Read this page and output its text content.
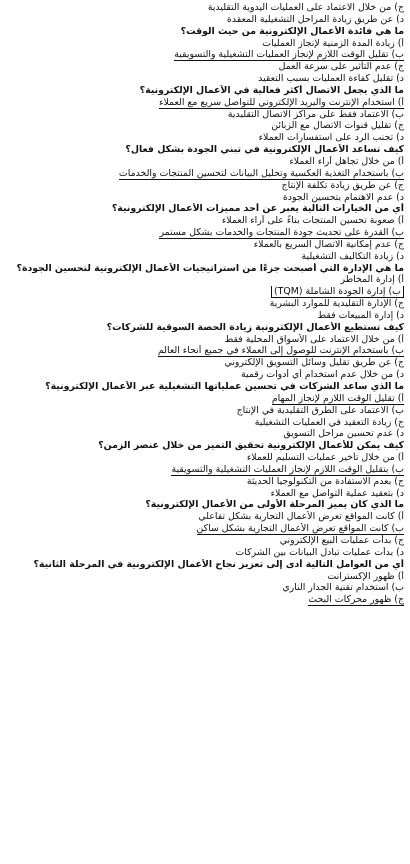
ج) من خلال الاعتماد على العمليات اليدوية التقليدية
د) عن طريق زيادة المراحل التشغيلية المعقدة
ما هي فائدة الأعمال الإلكترونية من حيث الوقت؟
أ) زيادة المدة الزمنية لإنجاز العمليات
ب) تقليل الوقت اللازم لإنجاز العمليات التشغيلية والتسويقية
ج) عدم التأثير على سرعة العمل
د) تقليل كفاءة العمليات بسبب التعقيد
ما الذي يجعل الاتصال أكثر فعالية في الأعمال الإلكترونية؟
أ) استخدام الإنترنت والبريد الإلكتروني للتواصل سريع مع العملاء
ب) الاعتماد فقط على مراكز الاتصال التقليدية
ج) تقليل قنوات الاتصال مع الزبائن
د) تجنب الرد على استفسارات العملاء
كيف تساعد الأعمال الإلكترونية في تبني الجودة بشكل فعال؟
أ) من خلال تجاهل آراء العملاء
ب) باستخدام التغذية العكسية وتحليل البيانات لتحسين المنتجات والخدمات
ج) عن طريق زيادة تكلفة الإنتاج
د) عدم الاهتمام بتحسين الجودة
أي من الخيارات التالية يعبر عن أحد مميزات الأعمال الإلكترونية؟
أ) صعوبة تحسين المنتجات بناءً على آراء العملاء
ب) القدرة على تحديث جودة المنتجات والخدمات بشكل مستمر
ج) عدم إمكانية الاتصال السريع بالعملاء
د) زيادة التكاليف التشغيلية
ما هي الإدارة التي أصبحت جزءًا من استراتيجيات الأعمال الإلكترونية لتحسين الجودة؟
أ) إدارة المخاطر
ب) إدارة الجودة الشاملة (TQM)
ج) الإدارة التقليدية للموارد البشرية
د) إدارة المبيعات فقط
كيف تستطيع الأعمال الإلكترونية زيادة الحصة السوقية للشركات؟
أ) من خلال الاعتماد على الأسواق المحلية فقط
ب) باستخدام الإنترنت للوصول إلى العملاء في جميع أنحاء العالم
ج) عن طريق تقليل وسائل التسويق الإلكتروني
د) من خلال عدم استخدام أي أدوات رقمية
ما الذي ساعد الشركات في تحسين عملياتها التشغيلية عبر الأعمال الإلكترونية؟
أ) تقليل الوقت اللازم لإنجاز المهام
ب) الاعتماد على الطرق التقليدية في الإنتاج
ج) زيادة التعقيد في العمليات التشغيلية
د) عدم تحسين مراحل التسويق
كيف يمكن للأعمال الإلكترونية تحقيق التميز من خلال عنصر الزمن؟
أ) من خلال تأخير عمليات التسليم للعملاء
ب) بتقليل الوقت اللازم لإنجاز العمليات التشغيلية والتسويقية
ج) بعدم الاستفادة من التكنولوجيا الحديثة
د) بتعقيد عملية التواصل مع العملاء
ما الذي كان يميز المرحلة الأولى من الأعمال الإلكترونية؟
أ) كانت المواقع تعرض الأعمال التجارية بشكل تفاعلي
ب) كانت المواقع تعرض الأعمال التجارية بشكل ساكن
ج) بدأت عمليات البيع الإلكتروني
د) بدأت عمليات تبادل البيانات بين الشركات
أي من العوامل التالية أدى إلى تعزيز نجاح الأعمال الإلكترونية في المرحلة الثانية؟
أ) ظهور الإكسترانت
ب) استخدام تقنية الجدار الناري
ج) ظهور محركات البحث
